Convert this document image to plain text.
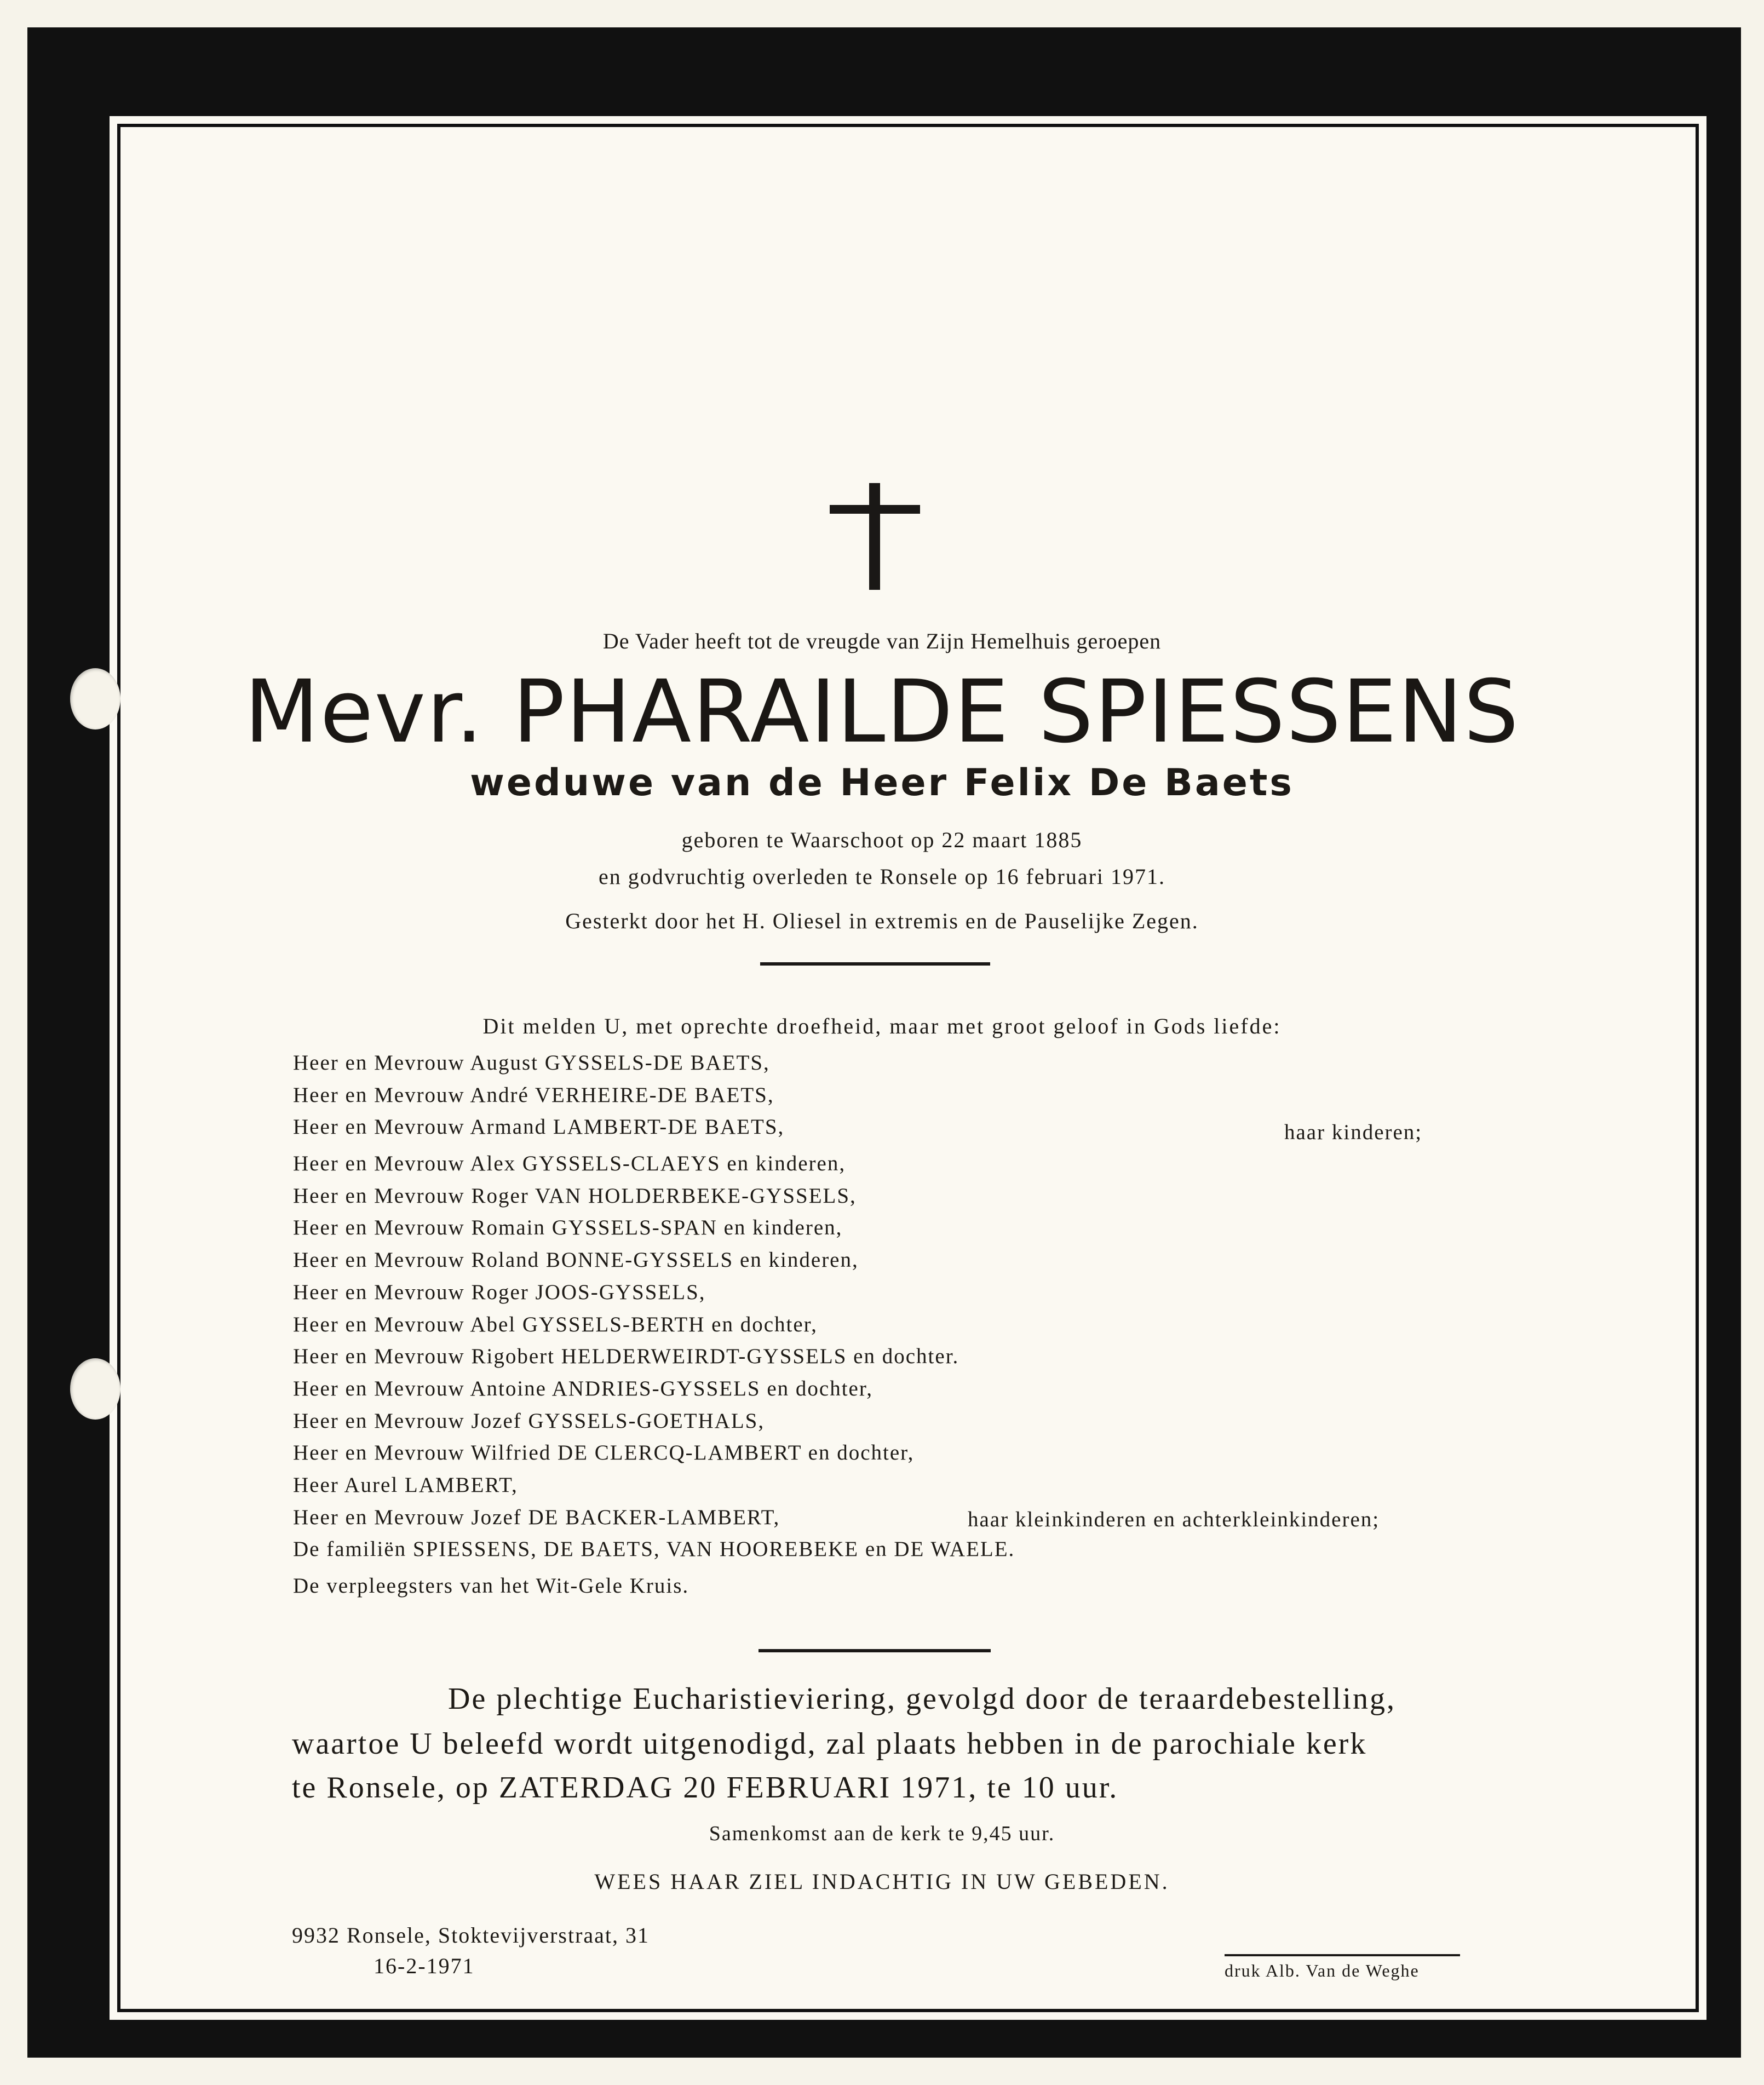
De Vader heeft tot de vreugde van Zijn Hemelhuis geroepen
Mevr. PHARAILDE SPIESSENS
weduwe van de Heer Felix De Baets
geboren te Waarschoot op 22 maart 1885
en godvruchtig overleden te Ronsele op 16 februari 1971.
Gesterkt door het H. Oliesel in extremis en de Pauselijke Zegen.
Dit melden U, met oprechte droefheid, maar met groot geloof in Gods liefde:
Heer en Mevrouw August GYSSELS-DE BAETS,
Heer en Mevrouw André VERHEIRE-DE BAETS,
Heer en Mevrouw Armand LAMBERT-DE BAETS,	haar kinderen;
Heer en Mevrouw Alex GYSSELS-CLAEYS en kinderen,
Heer en Mevrouw Roger VAN HOLDERBEKE-GYSSELS,
Heer en Mevrouw Romain GYSSELS-SPAN en kinderen,
Heer en Mevrouw Roland BONNE-GYSSELS en kinderen,
Heer en Mevrouw Roger JOOS-GYSSELS,
Heer en Mevrouw Abel GYSSELS-BERTH en dochter,
Heer en Mevrouw Rigobert HELDERWEIRDT-GYSSELS en dochter.
Heer en Mevrouw Antoine ANDRIES-GYSSELS en dochter,
Heer en Mevrouw Jozef GYSSELS-GOETHALS,
Heer en Mevrouw Wilfried DE CLERCQ-LAMBERT en dochter,
Heer Aurel LAMBERT,
Heer en Mevrouw Jozef DE BACKER-LAMBERT,	haar kleinkinderen en achterkleinkinderen;
De familiën SPIESSENS, DE BAETS, VAN HOOREBEKE en DE WAELE.
De verpleegsters van het Wit-Gele Kruis.
De plechtige Eucharistieviering, gevolgd door de teraardebestelling,
waartoe U beleefd wordt uitgenodigd, zal plaats hebben in de parochiale kerk
te Ronsele, op ZATERDAG 20 FEBRUARI 1971, te 10 uur.
Samenkomst aan de kerk te 9,45 uur.
WEES HAAR ZIEL INDACHTIG IN UW GEBEDEN.
9932 Ronsele, Stoktevijverstraat, 31
16-2-1971	druk Alb. Van de Weghe
